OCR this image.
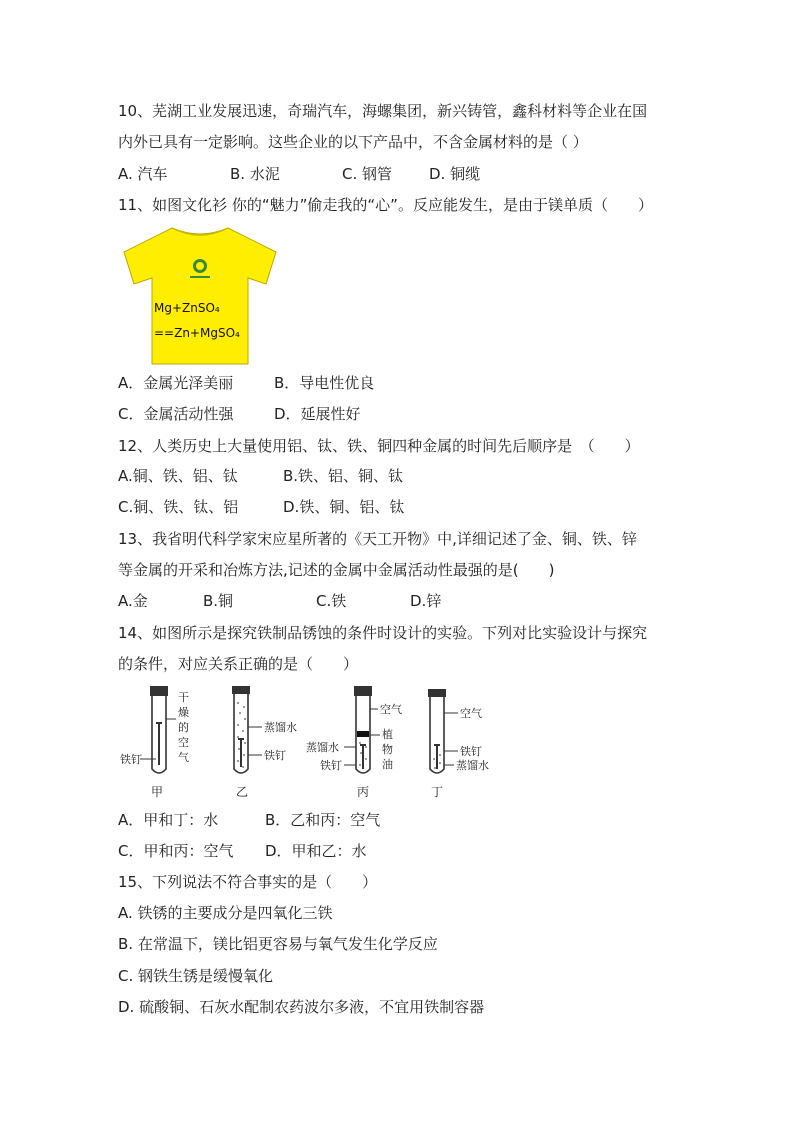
10、芜湖工业发展迅速，奇瑞汽车，海螺集团，新兴铸管，鑫科材料等企业在国
内外已具有一定影响。这些企业的以下产品中，不含金属材料的是（ ）
A. 汽车	B. 水泥	C. 钢管 D. 铜缆
11、如图文化衫 你的“魅力”偷走我的“心”。反应能发生，是由于镁单质（　　）
Mg+ZnSO₄
==Zn+MgSO₄
A．金属光泽美丽	B．导电性优良
C．金属活动性强	D．延展性好
12、人类历史上大量使用铝、钛、铁、铜四种金属的时间先后顺序是　（　　）
A.铜、铁、铝、钛	B.铁、铝、铜、钛
C.铜、铁、钛、铝	D.铁、铜、铝、钛
13、我省明代科学家宋应星所著的《天工开物》中,详细记述了金、铜、铁、锌
等金属的开采和冶炼方法,记述的金属中金属活动性最强的是(　　)
A.金	B.铜	C.铁	D.锌
14、如图所示是探究铁制品锈蚀的条件时设计的实验。下列对比实验设计与探究
的条件，对应关系正确的是（　　）
铁钉
干
燥
的
空
气
甲
蒸馏水
铁钉
乙
空气
蒸馏水
铁钉
植
物
油
丙
空气
铁钉
蒸馏水
丁
A．甲和丁：水	B．乙和丙：空气
C．甲和丙：空气 D．甲和乙：水
15、下列说法不符合事实的是（　　）
A. 铁锈的主要成分是四氧化三铁
B. 在常温下，镁比铝更容易与氧气发生化学反应
C. 钢铁生锈是缓慢氧化
D. 硫酸铜、石灰水配制农药波尔多液，不宜用铁制容器
